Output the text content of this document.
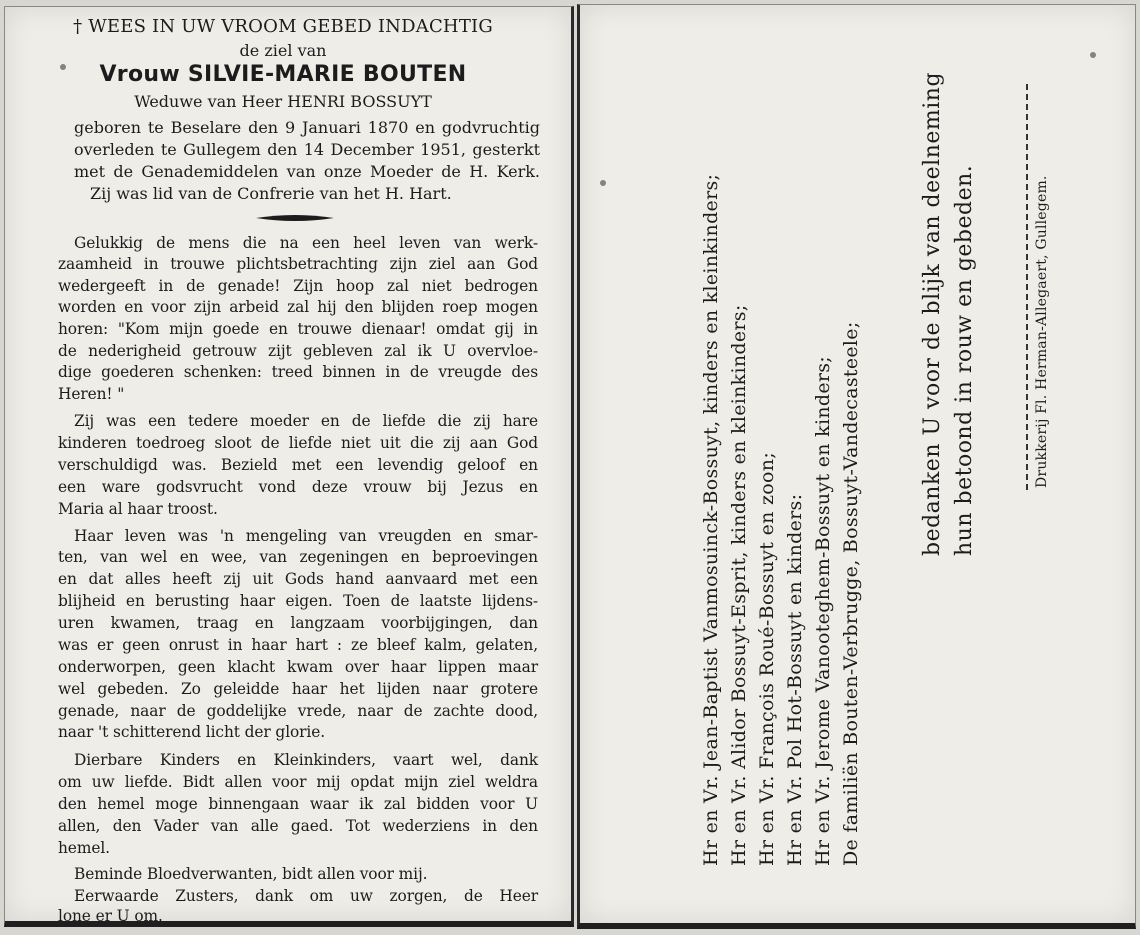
† WEES IN UW VROOM GEBED INDACHTIG
de ziel van
Vrouw SILVIE-MARIE BOUTEN
Weduwe van Heer HENRI BOSSUYT
geboren te Beselare den 9 Januari 1870 en godvruchtig
overleden te Gullegem den 14 December 1951, gesterkt
met de Genademiddelen van onze Moeder de H. Kerk.
Zij was lid van de Confrerie van het H. Hart.
Gelukkig de mens die na een heel leven van werk-
zaamheid in trouwe plichtsbetrachting zijn ziel aan God
wedergeeft in de genade! Zijn hoop zal niet bedrogen
worden en voor zijn arbeid zal hij den blijden roep mogen
horen: "Kom mijn goede en trouwe dienaar! omdat gij in
de nederigheid getrouw zijt gebleven zal ik U overvloe-
dige goederen schenken: treed binnen in de vreugde des
Heren! "
Zij was een tedere moeder en de liefde die zij hare
kinderen toedroeg sloot de liefde niet uit die zij aan God
verschuldigd was. Bezield met een levendig geloof en
een ware godsvrucht vond deze vrouw bij Jezus en
Maria al haar troost.
Haar leven was 'n mengeling van vreugden en smar-
ten, van wel en wee, van zegeningen en beproevingen
en dat alles heeft zij uit Gods hand aanvaard met een
blijheid en berusting haar eigen. Toen de laatste lijdens-
uren kwamen, traag en langzaam voorbijgingen, dan
was er geen onrust in haar hart : ze bleef kalm, gelaten,
onderworpen, geen klacht kwam over haar lippen maar
wel gebeden. Zo geleidde haar het lijden naar grotere
genade, naar de goddelijke vrede, naar de zachte dood,
naar 't schitterend licht der glorie.
Dierbare Kinders en Kleinkinders, vaart wel, dank
om uw liefde. Bidt allen voor mij opdat mijn ziel weldra
den hemel moge binnengaan waar ik zal bidden voor U
allen, den Vader van alle gaed. Tot wederziens in den
hemel.
Beminde Bloedverwanten, bidt allen voor mij.
Eerwaarde Zusters, dank om uw zorgen, de Heer
lone er U om.
Hr en Vr. Jean-Baptist Vanmosuinck-Bossuyt, kinders en kleinkinders; Hr en Vr. Alidor Bossuyt-Esprit, kinders en kleinkinders; Hr en Vr. François Roué-Bossuyt en zoon; Hr en Vr. Pol Hot-Bossuyt en kinders: Hr en Vr. Jerome Vanooteghem-Bossuyt en kinders; De familiën Bouten-Verbrugge, Bossuyt-Vandecasteele;
bedanken U voor de blijk van deelneming hun betoond in rouw en gebeden.	Drukkerij Fl. Herman-Allegaert, Gullegem.
